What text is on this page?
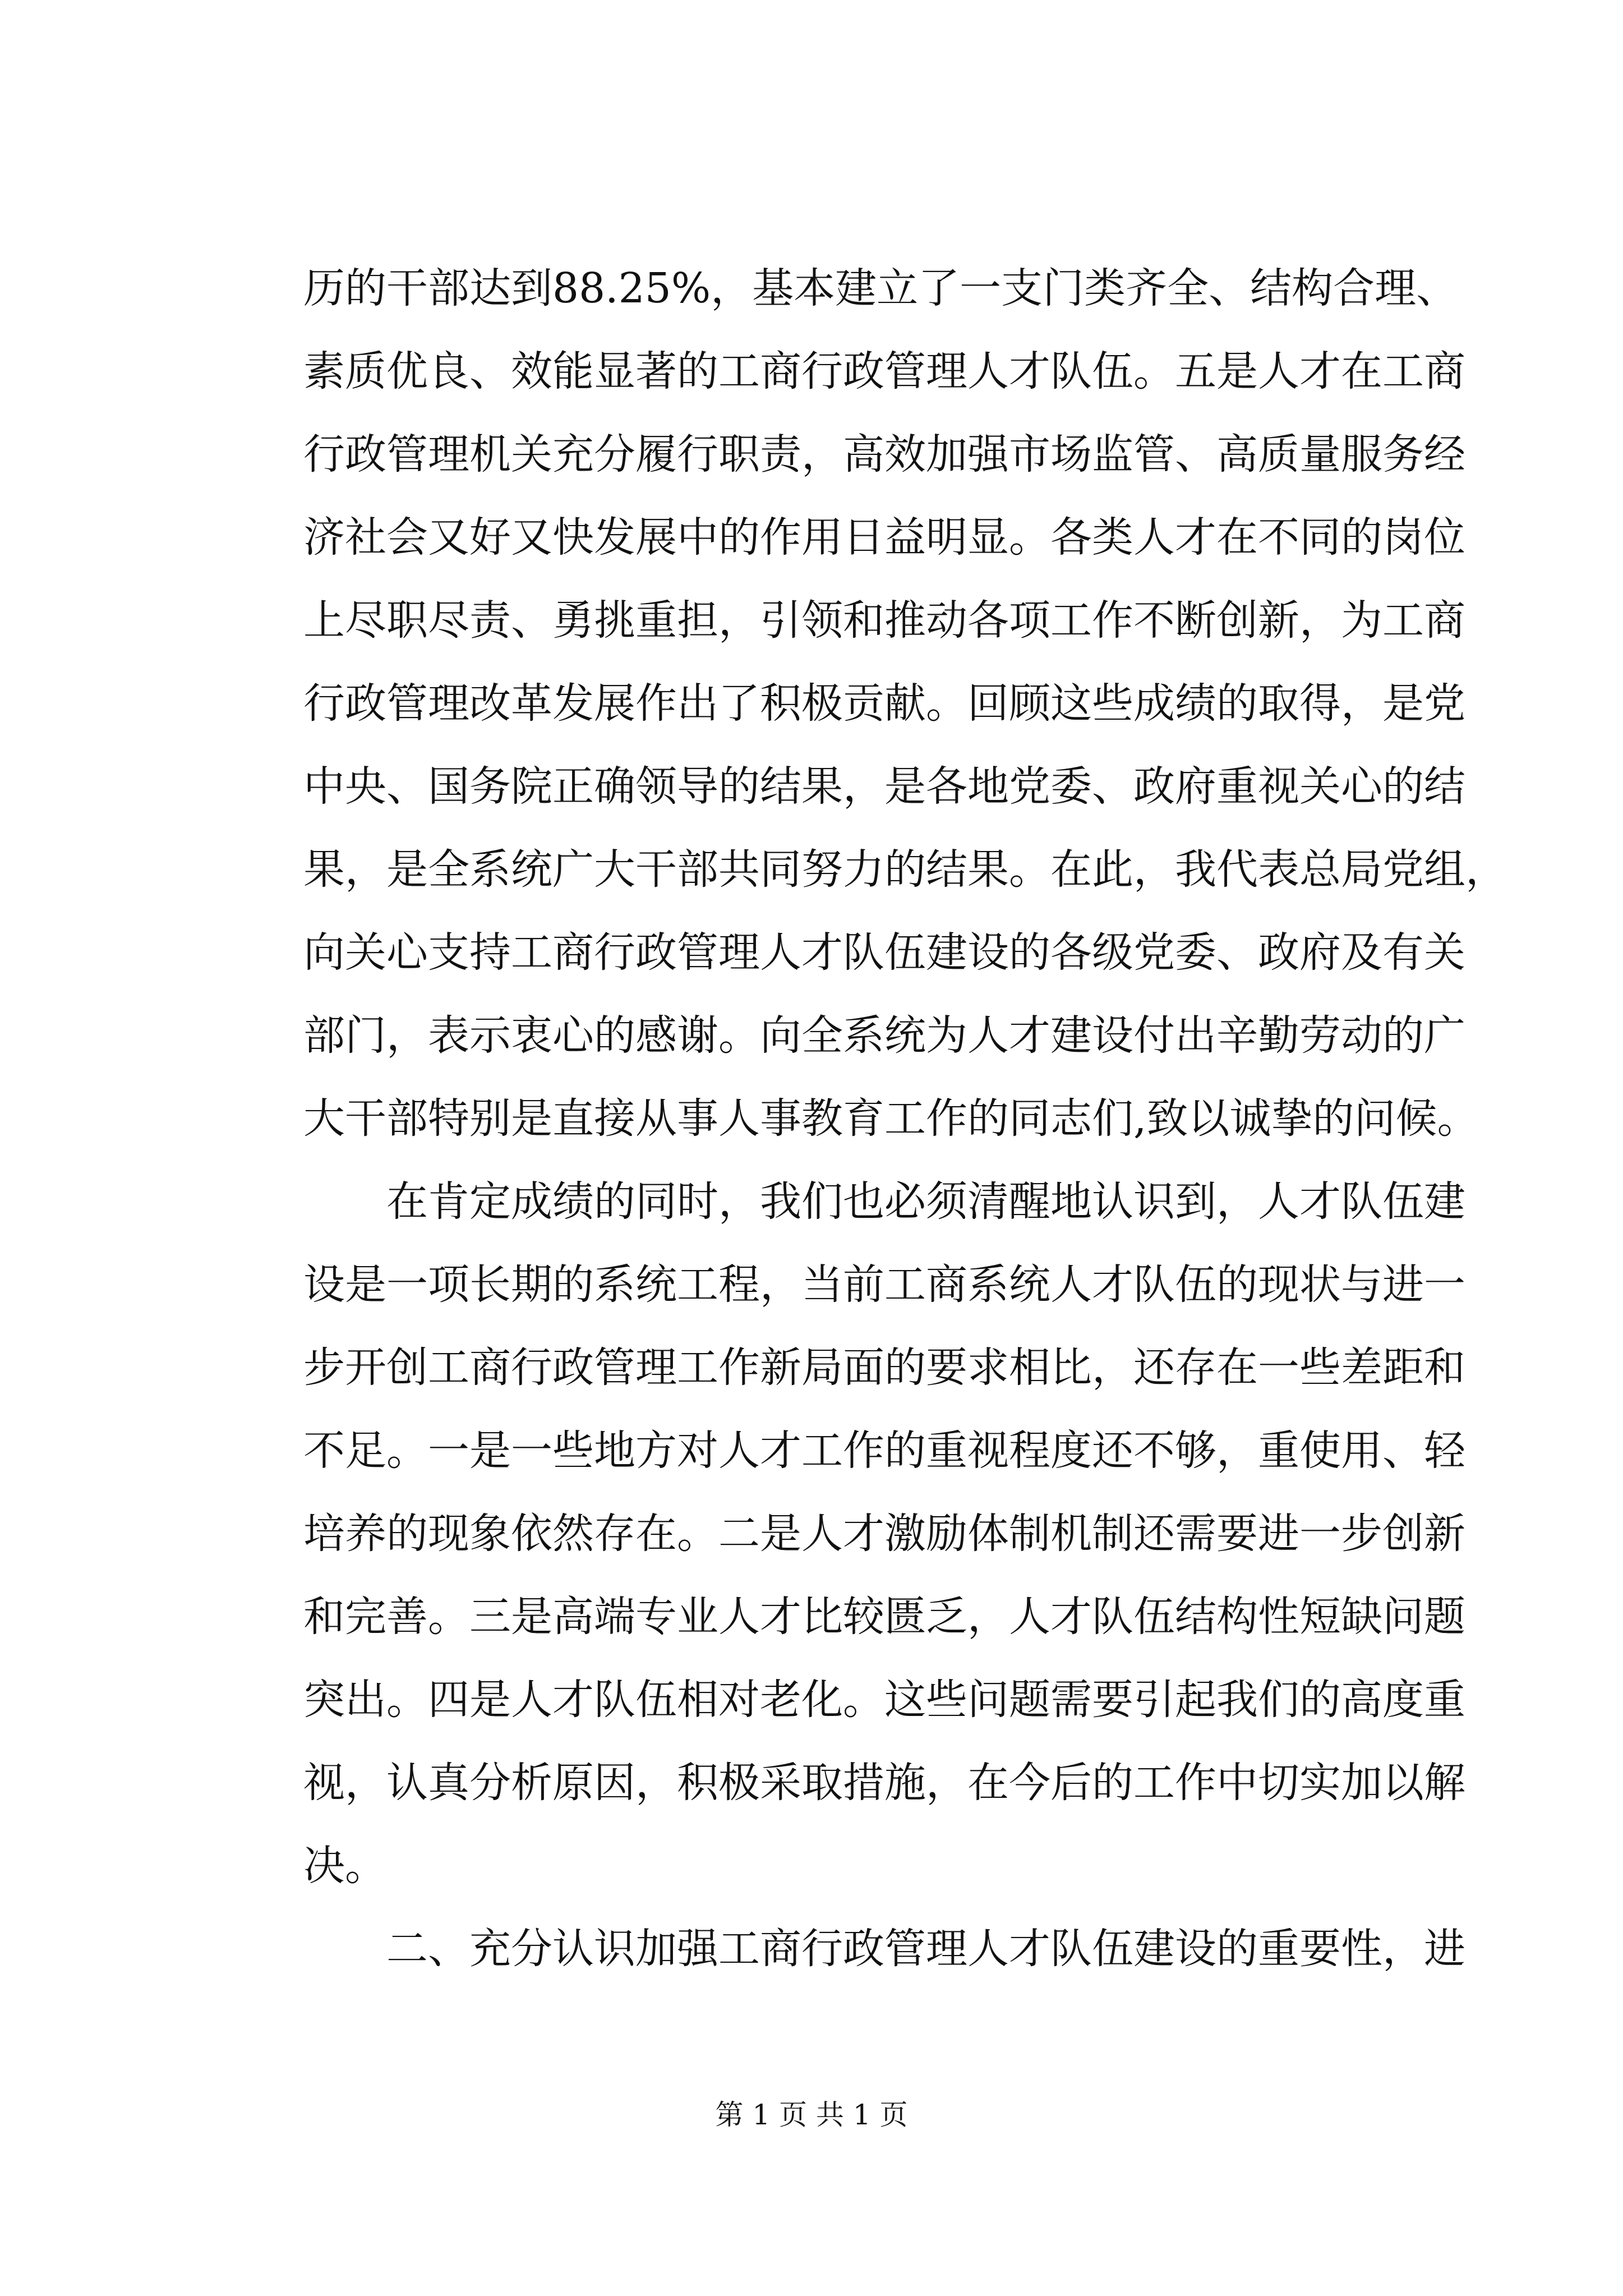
历的干部达到88.25%，基本建立了一支门类齐全、结构合理、
素质优良、效能显著的工商行政管理人才队伍。五是人才在工商
行政管理机关充分履行职责，高效加强市场监管、高质量服务经
济社会又好又快发展中的作用日益明显。各类人才在不同的岗位
上尽职尽责、勇挑重担，引领和推动各项工作不断创新，为工商
行政管理改革发展作出了积极贡献。回顾这些成绩的取得，是党
中央、国务院正确领导的结果，是各地党委、政府重视关心的结
果，是全系统广大干部共同努力的结果。在此，我代表总局党组，
向关心支持工商行政管理人才队伍建设的各级党委、政府及有关
部门，表示衷心的感谢。向全系统为人才建设付出辛勤劳动的广
大干部特别是直接从事人事教育工作的同志们,致以诚挚的问候。
　　在肯定成绩的同时，我们也必须清醒地认识到，人才队伍建
设是一项长期的系统工程，当前工商系统人才队伍的现状与进一
步开创工商行政管理工作新局面的要求相比，还存在一些差距和
不足。一是一些地方对人才工作的重视程度还不够，重使用、轻
培养的现象依然存在。二是人才激励体制机制还需要进一步创新
和完善。三是高端专业人才比较匮乏，人才队伍结构性短缺问题
突出。四是人才队伍相对老化。这些问题需要引起我们的高度重
视，认真分析原因，积极采取措施，在今后的工作中切实加以解
决。
　　二、充分认识加强工商行政管理人才队伍建设的重要性，进
第 1 页 共 1 页
